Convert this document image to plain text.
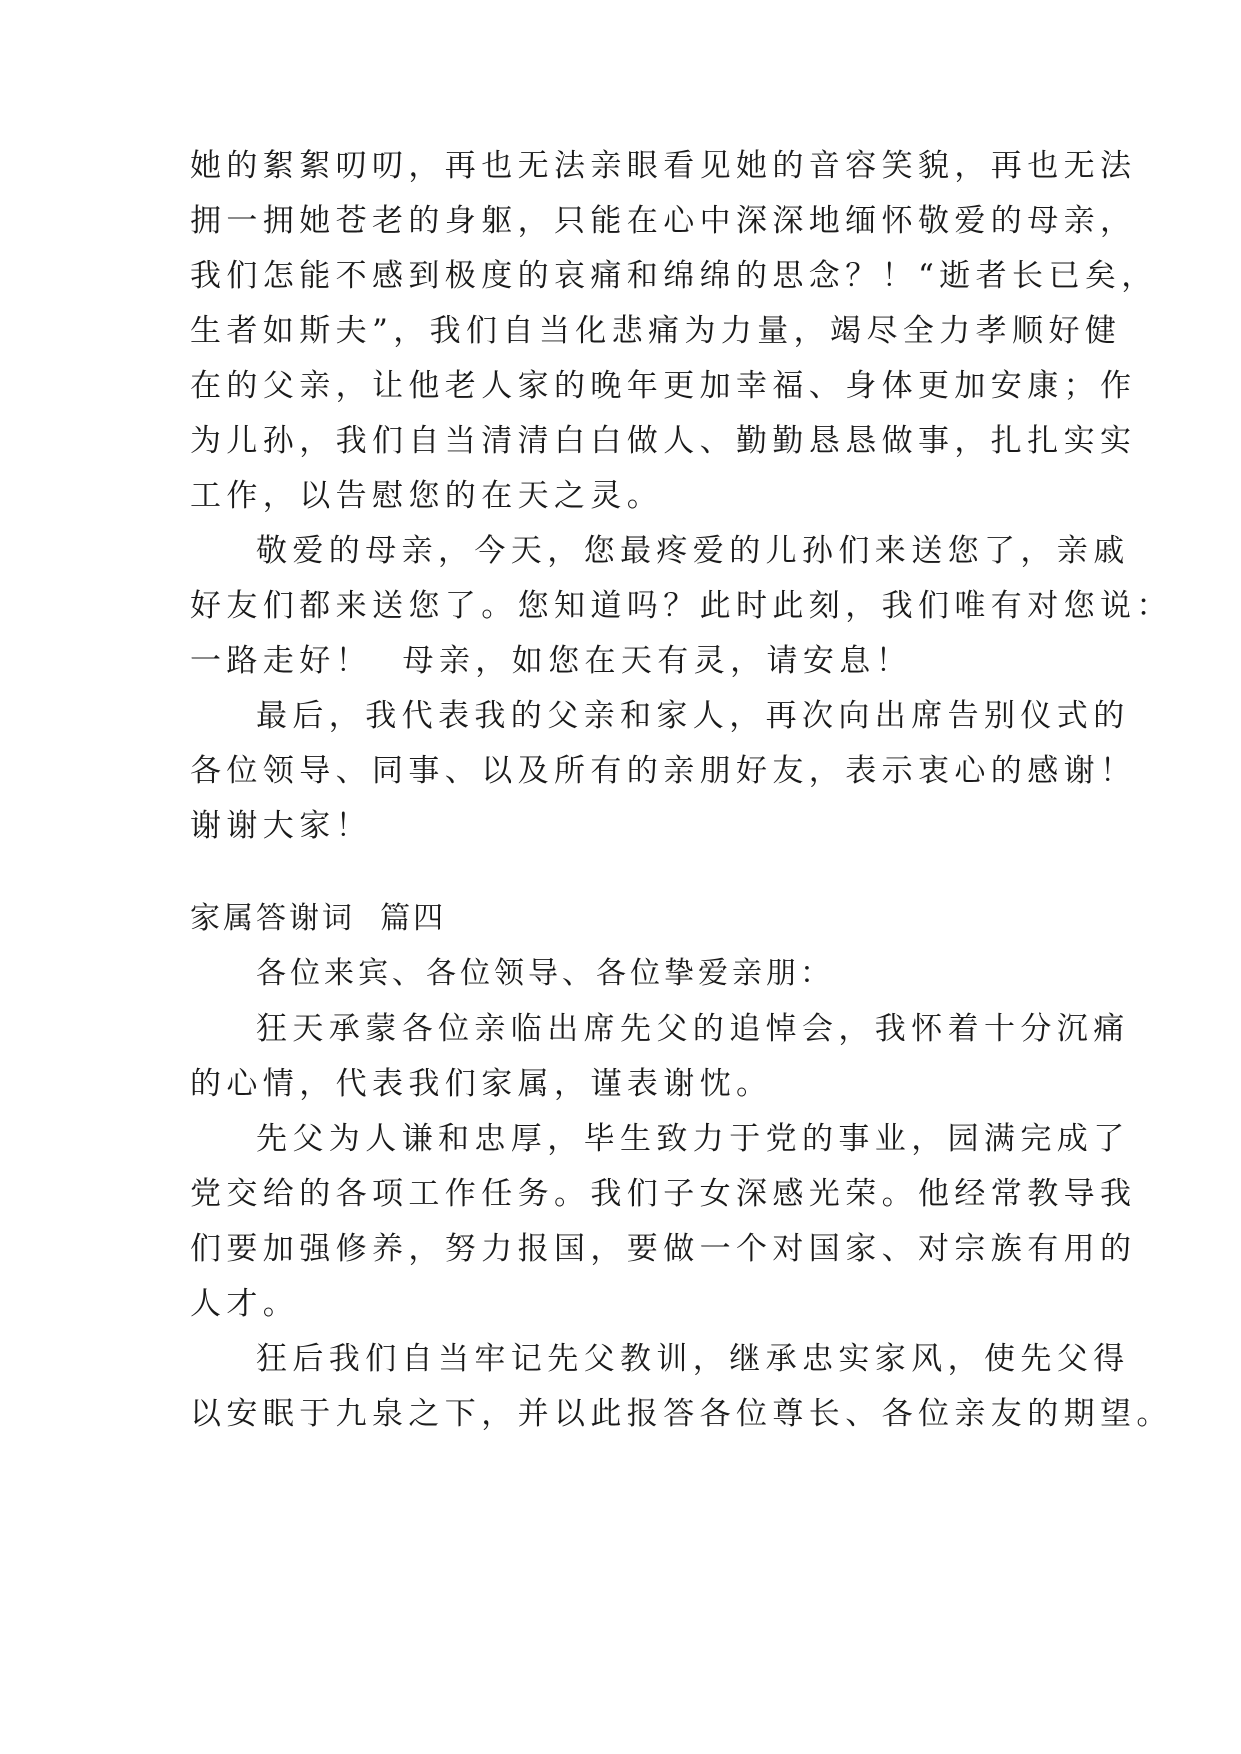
她的絮絮叨叨，再也无法亲眼看见她的音容笑貌，再也无法
拥一拥她苍老的身躯，只能在心中深深地缅怀敬爱的母亲，
我们怎能不感到极度的哀痛和绵绵的思念？！“逝者长已矣，
生者如斯夫”，我们自当化悲痛为力量，竭尽全力孝顺好健
在的父亲，让他老人家的晚年更加幸福、身体更加安康；作
为儿孙，我们自当清清白白做人、勤勤恳恳做事，扎扎实实
工作，以告慰您的在天之灵。
敬爱的母亲，今天，您最疼爱的儿孙们来送您了，亲戚
好友们都来送您了。您知道吗？此时此刻，我们唯有对您说：
一路走好！  母亲，如您在天有灵，请安息！
最后，我代表我的父亲和家人，再次向出席告别仪式的
各位领导、同事、以及所有的亲朋好友，表示衷心的感谢！
谢谢大家！
家属答谢词  篇四
各位来宾、各位领导、各位挚爱亲朋：
狂天承蒙各位亲临出席先父的追悼会，我怀着十分沉痛
的心情，代表我们家属，谨表谢忱。
先父为人谦和忠厚，毕生致力于党的事业，园满完成了
党交给的各项工作任务。我们子女深感光荣。他经常教导我
们要加强修养，努力报国，要做一个对国家、对宗族有用的
人才。
狂后我们自当牢记先父教训，继承忠实家风，使先父得
以安眠于九泉之下，并以此报答各位尊长、各位亲友的期望。
